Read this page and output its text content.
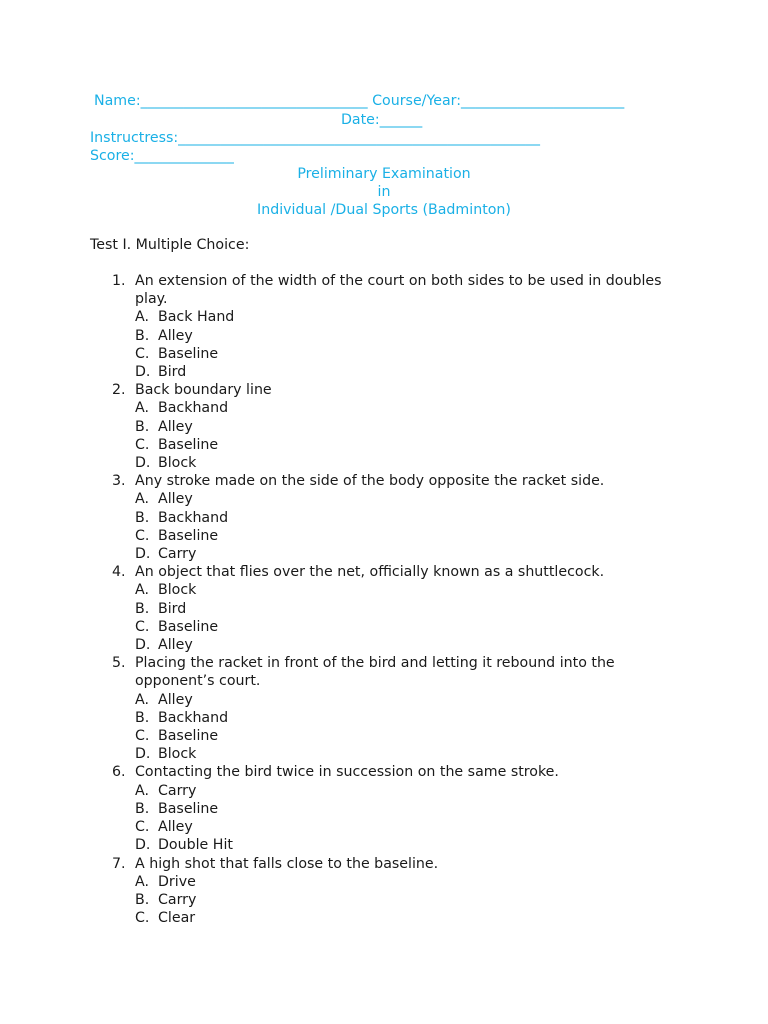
Name:________________________________ Course/Year:_______________________
Date:______
Instructress:___________________________________________________
Score:______________
Preliminary Examination
in
Individual /Dual Sports (Badminton)
Test I. Multiple Choice:
1. An extension of the width of the court on both sides to be used in doubles play.
A. Back Hand
B. Alley
C. Baseline
D. Bird
2. Back boundary line
A. Backhand
B. Alley
C. Baseline
D. Block
3. Any stroke made on the side of the body opposite the racket side.
A. Alley
B. Backhand
C. Baseline
D. Carry
4. An object that flies over the net, officially known as a shuttlecock.
A. Block
B. Bird
C. Baseline
D. Alley
5. Placing the racket in front of the bird and letting it rebound into the opponent’s court.
A. Alley
B. Backhand
C. Baseline
D. Block
6. Contacting the bird twice in succession on the same stroke.
A. Carry
B. Baseline
C. Alley
D. Double Hit
7. A high shot that falls close to the baseline.
A. Drive
B. Carry
C. Clear
